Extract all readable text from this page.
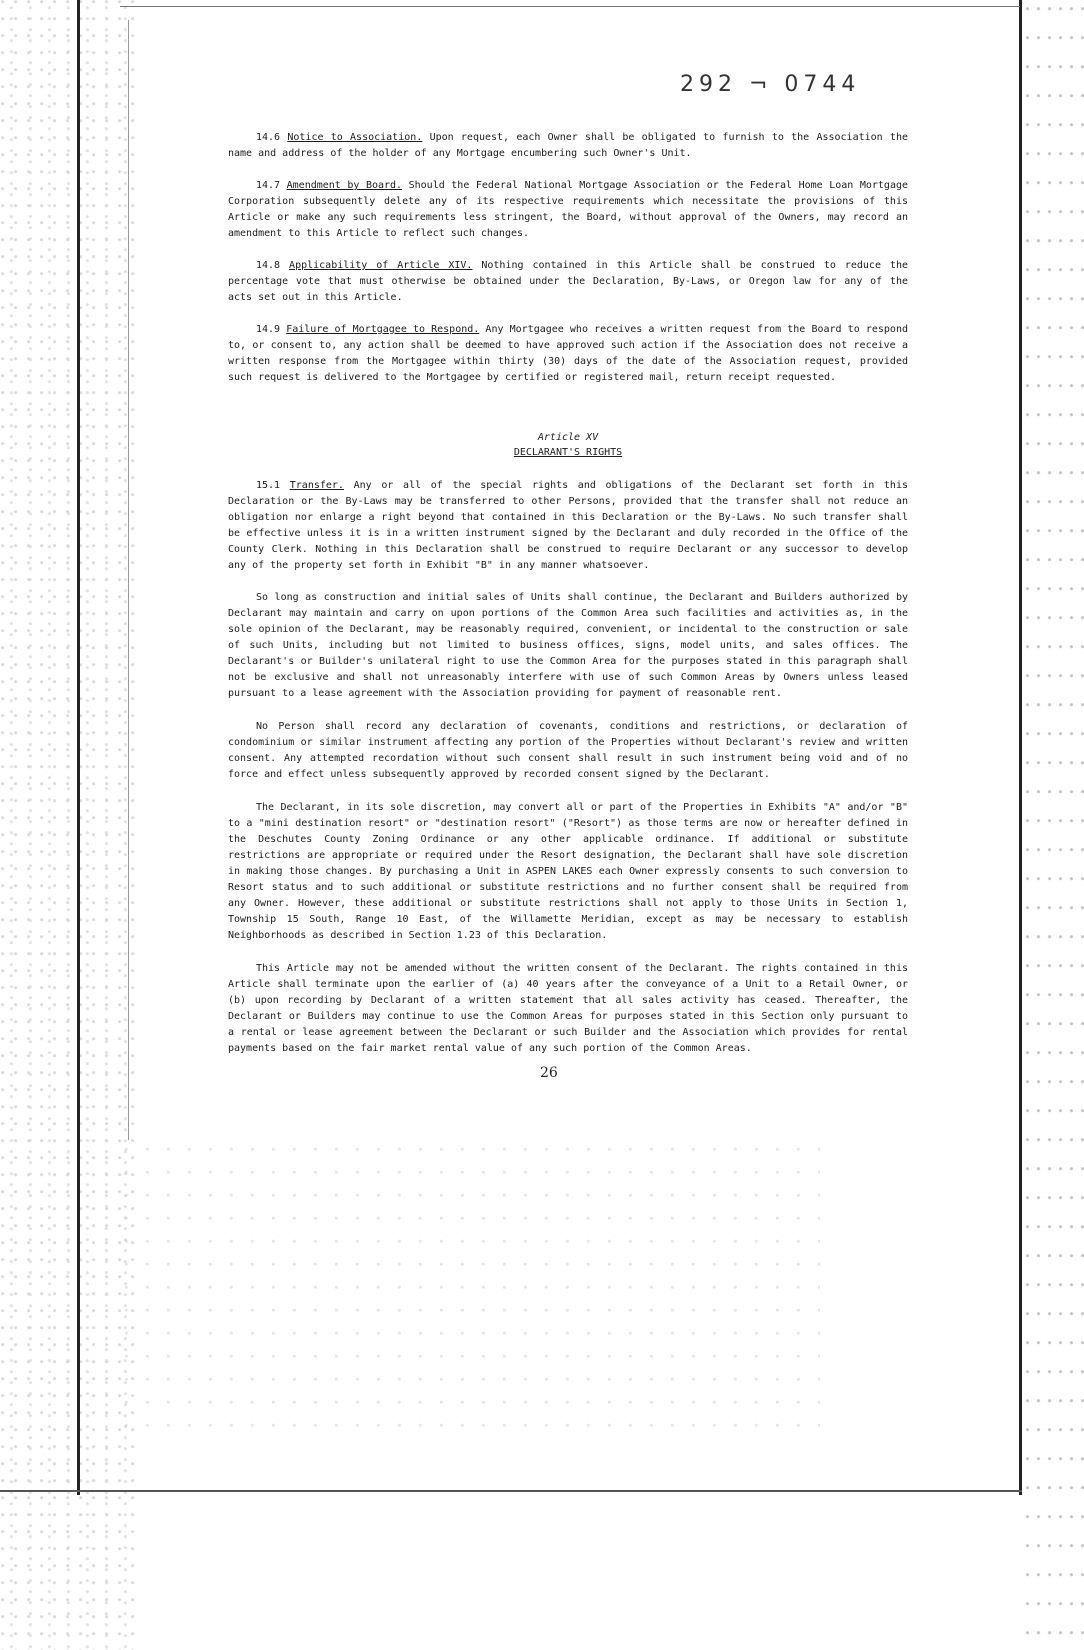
292 ¬ 0744

14.6 Notice to Association. Upon request, each Owner shall be obligated to furnish to the Association the name and address of the holder of any Mortgage encumbering such Owner's Unit.

14.7 Amendment by Board. Should the Federal National Mortgage Association or the Federal Home Loan Mortgage Corporation subsequently delete any of its respective requirements which necessitate the provisions of this Article or make any such requirements less stringent, the Board, without approval of the Owners, may record an amendment to this Article to reflect such changes.

14.8 Applicability of Article XIV. Nothing contained in this Article shall be construed to reduce the percentage vote that must otherwise be obtained under the Declaration, By-Laws, or Oregon law for any of the acts set out in this Article.

14.9 Failure of Mortgagee to Respond. Any Mortgagee who receives a written request from the Board to respond to, or consent to, any action shall be deemed to have approved such action if the Association does not receive a written response from the Mortgagee within thirty (30) days of the date of the Association request, provided such request is delivered to the Mortgagee by certified or registered mail, return receipt requested.

Article XV
DECLARANT'S RIGHTS

15.1 Transfer. Any or all of the special rights and obligations of the Declarant set forth in this Declaration or the By-Laws may be transferred to other Persons, provided that the transfer shall not reduce an obligation nor enlarge a right beyond that contained in this Declaration or the By-Laws. No such transfer shall be effective unless it is in a written instrument signed by the Declarant and duly recorded in the Office of the County Clerk. Nothing in this Declaration shall be construed to require Declarant or any successor to develop any of the property set forth in Exhibit "B" in any manner whatsoever.

So long as construction and initial sales of Units shall continue, the Declarant and Builders authorized by Declarant may maintain and carry on upon portions of the Common Area such facilities and activities as, in the sole opinion of the Declarant, may be reasonably required, convenient, or incidental to the construction or sale of such Units, including but not limited to business offices, signs, model units, and sales offices. The Declarant's or Builder's unilateral right to use the Common Area for the purposes stated in this paragraph shall not be exclusive and shall not unreasonably interfere with use of such Common Areas by Owners unless leased pursuant to a lease agreement with the Association providing for payment of reasonable rent.

No Person shall record any declaration of covenants, conditions and restrictions, or declaration of condominium or similar instrument affecting any portion of the Properties without Declarant's review and written consent. Any attempted recordation without such consent shall result in such instrument being void and of no force and effect unless subsequently approved by recorded consent signed by the Declarant.

The Declarant, in its sole discretion, may convert all or part of the Properties in Exhibits "A" and/or "B" to a "mini destination resort" or "destination resort" ("Resort") as those terms are now or hereafter defined in the Deschutes County Zoning Ordinance or any other applicable ordinance. If additional or substitute restrictions are appropriate or required under the Resort designation, the Declarant shall have sole discretion in making those changes. By purchasing a Unit in ASPEN LAKES each Owner expressly consents to such conversion to Resort status and to such additional or substitute restrictions and no further consent shall be required from any Owner. However, these additional or substitute restrictions shall not apply to those Units in Section 1, Township 15 South, Range 10 East, of the Willamette Meridian, except as may be necessary to establish Neighborhoods as described in Section 1.23 of this Declaration.

This Article may not be amended without the written consent of the Declarant. The rights contained in this Article shall terminate upon the earlier of (a) 40 years after the conveyance of a Unit to a Retail Owner, or (b) upon recording by Declarant of a written statement that all sales activity has ceased. Thereafter, the Declarant or Builders may continue to use the Common Areas for purposes stated in this Section only pursuant to a rental or lease agreement between the Declarant or such Builder and the Association which provides for rental payments based on the fair market rental value of any such portion of the Common Areas.

26
